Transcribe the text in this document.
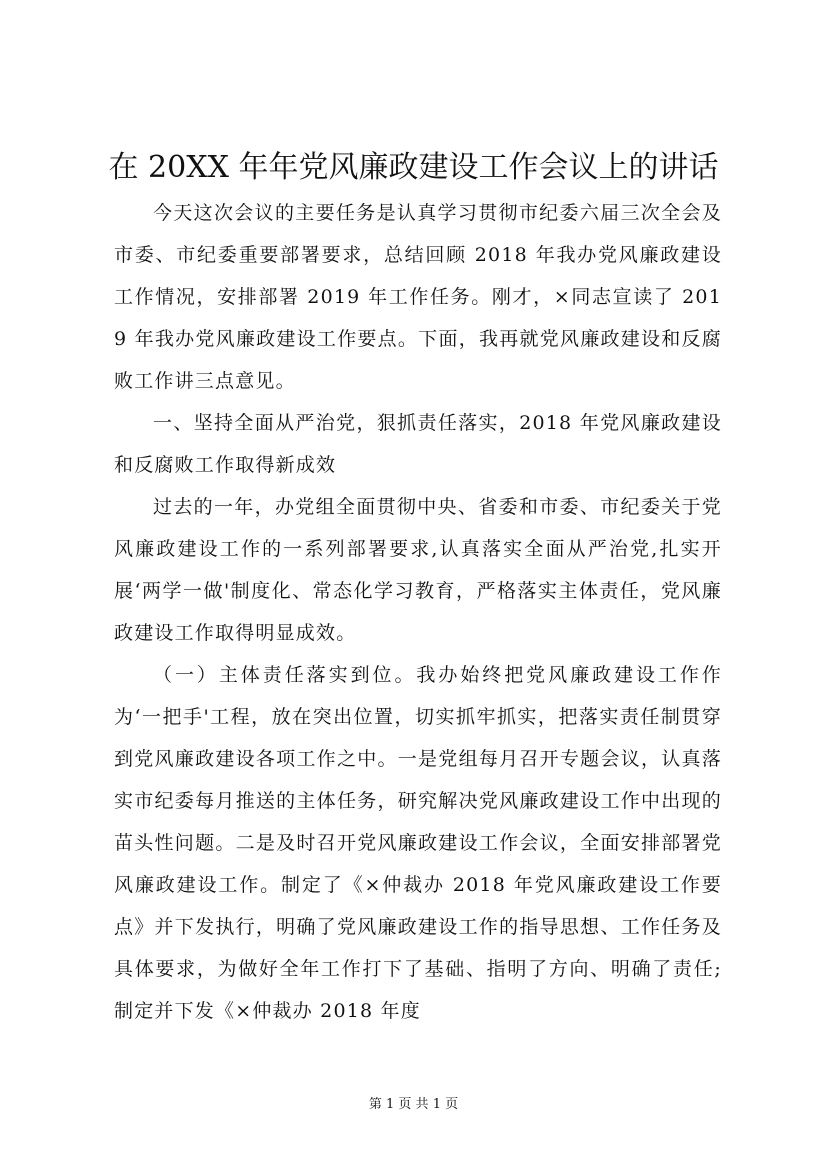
在 20XX 年年党风廉政建设工作会议上的讲话

今天这次会议的主要任务是认真学习贯彻市纪委六届三次全会及市委、市纪委重要部署要求，总结回顾 2018 年我办党风廉政建设工作情况，安排部署 2019 年工作任务。刚才，×同志宣读了 2019 年我办党风廉政建设工作要点。下面，我再就党风廉政建设和反腐败工作讲三点意见。

一、坚持全面从严治党，狠抓责任落实，2018 年党风廉政建设和反腐败工作取得新成效

过去的一年，办党组全面贯彻中央、省委和市委、市纪委关于党风廉政建设工作的一系列部署要求,认真落实全面从严治党,扎实开展‘两学一做'制度化、常态化学习教育，严格落实主体责任，党风廉政建设工作取得明显成效。

（一）主体责任落实到位。我办始终把党风廉政建设工作作为‘一把手'工程，放在突出位置，切实抓牢抓实，把落实责任制贯穿到党风廉政建设各项工作之中。一是党组每月召开专题会议，认真落实市纪委每月推送的主体任务，研究解决党风廉政建设工作中出现的苗头性问题。二是及时召开党风廉政建设工作会议，全面安排部署党风廉政建设工作。制定了《×仲裁办 2018 年党风廉政建设工作要点》并下发执行，明确了党风廉政建设工作的指导思想、工作任务及具体要求，为做好全年工作打下了基础、指明了方向、明确了责任;制定并下发《×仲裁办 2018 年度

第 1 页 共 1 页
